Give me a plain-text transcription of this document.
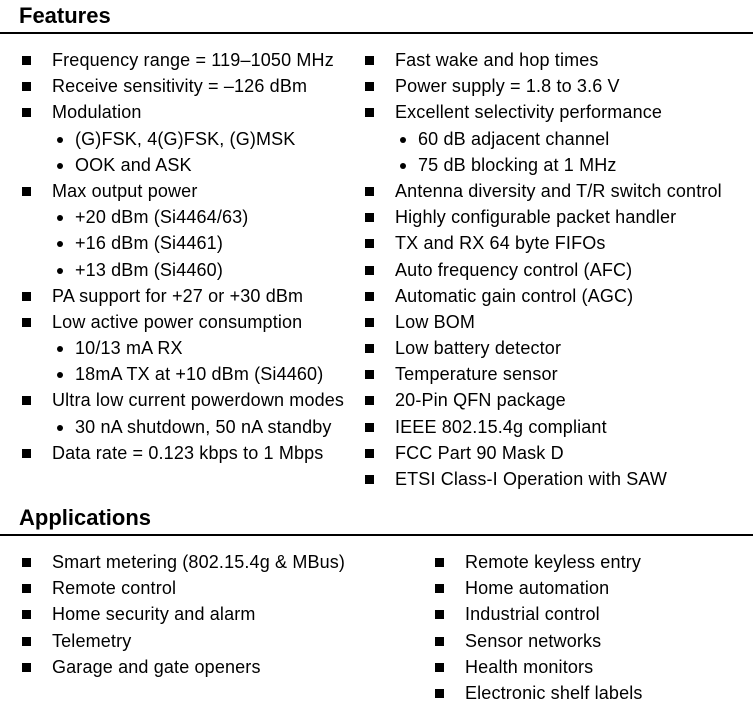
Features
Frequency range = 119–1050 MHz
Receive sensitivity = –126 dBm
Modulation
(G)FSK, 4(G)FSK, (G)MSK
OOK and ASK
Max output power
+20 dBm (Si4464/63)
+16 dBm (Si4461)
+13 dBm (Si4460)
PA support for +27 or +30 dBm
Low active power consumption
10/13 mA RX
18mA TX at +10 dBm (Si4460)
Ultra low current powerdown modes
30 nA shutdown, 50 nA standby
Data rate = 0.123 kbps to 1 Mbps
Fast wake and hop times
Power supply = 1.8 to 3.6 V
Excellent selectivity performance
60 dB adjacent channel
75 dB blocking at 1 MHz
Antenna diversity and T/R switch control
Highly configurable packet handler
TX and RX 64 byte FIFOs
Auto frequency control (AFC)
Automatic gain control (AGC)
Low BOM
Low battery detector
Temperature sensor
20-Pin QFN package
IEEE 802.15.4g compliant
FCC Part 90 Mask D
ETSI Class-I Operation with SAW
Applications
Smart metering (802.15.4g & MBus)
Remote control
Home security and alarm
Telemetry
Garage and gate openers
Remote keyless entry
Home automation
Industrial control
Sensor networks
Health monitors
Electronic shelf labels
